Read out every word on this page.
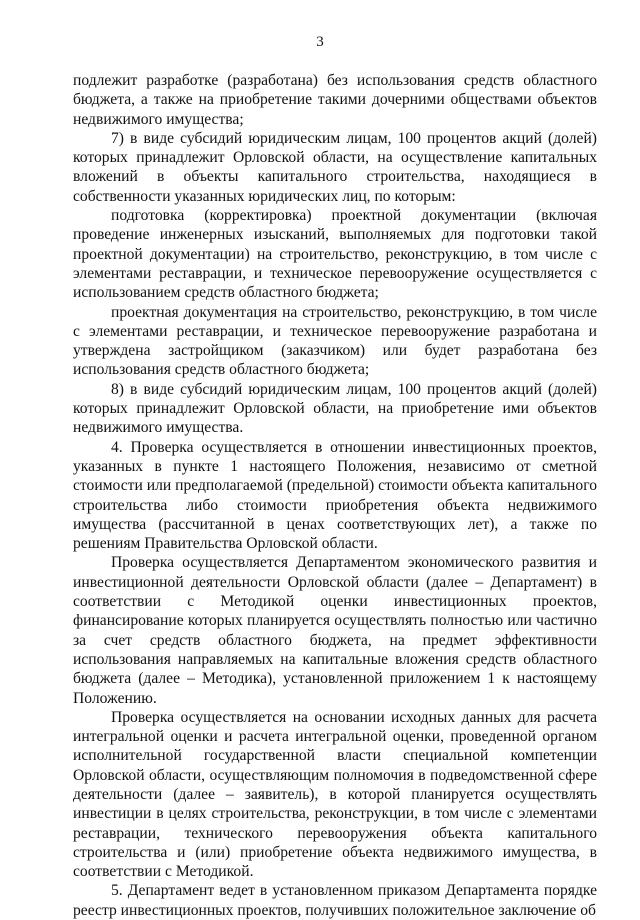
3

подлежит разработке (разработана) без использования средств областного бюджета, а также на приобретение такими дочерними обществами объектов недвижимого имущества;

7) в виде субсидий юридическим лицам, 100 процентов акций (долей) которых принадлежит Орловской области, на осуществление капитальных вложений в объекты капитального строительства, находящиеся в собственности указанных юридических лиц, по которым:

подготовка (корректировка) проектной документации (включая проведение инженерных изысканий, выполняемых для подготовки такой проектной документации) на строительство, реконструкцию, в том числе с элементами реставрации, и техническое перевооружение осуществляется с использованием средств областного бюджета;

проектная документация на строительство, реконструкцию, в том числе с элементами реставрации, и техническое перевооружение разработана и утверждена застройщиком (заказчиком) или будет разработана без использования средств областного бюджета;

8) в виде субсидий юридическим лицам, 100 процентов акций (долей) которых принадлежит Орловской области, на приобретение ими объектов недвижимого имущества.

4. Проверка осуществляется в отношении инвестиционных проектов, указанных в пункте 1 настоящего Положения, независимо от сметной стоимости или предполагаемой (предельной) стоимости объекта капитального строительства либо стоимости приобретения объекта недвижимого имущества (рассчитанной в ценах соответствующих лет), а также по решениям Правительства Орловской области.

Проверка осуществляется Департаментом экономического развития и инвестиционной деятельности Орловской области (далее – Департамент) в соответствии с Методикой оценки инвестиционных проектов, финансирование которых планируется осуществлять полностью или частично за счет средств областного бюджета, на предмет эффективности использования направляемых на капитальные вложения средств областного бюджета (далее – Методика), установленной приложением 1 к настоящему Положению.

Проверка осуществляется на основании исходных данных для расчета интегральной оценки и расчета интегральной оценки, проведенной органом исполнительной государственной власти специальной компетенции Орловской области, осуществляющим полномочия в подведомственной сфере деятельности (далее – заявитель), в которой планируется осуществлять инвестиции в целях строительства, реконструкции, в том числе с элементами реставрации, технического перевооружения объекта капитального строительства и (или) приобретение объекта недвижимого имущества, в соответствии с Методикой.

5. Департамент ведет в установленном приказом Департамента порядке реестр инвестиционных проектов, получивших положительное заключение об
